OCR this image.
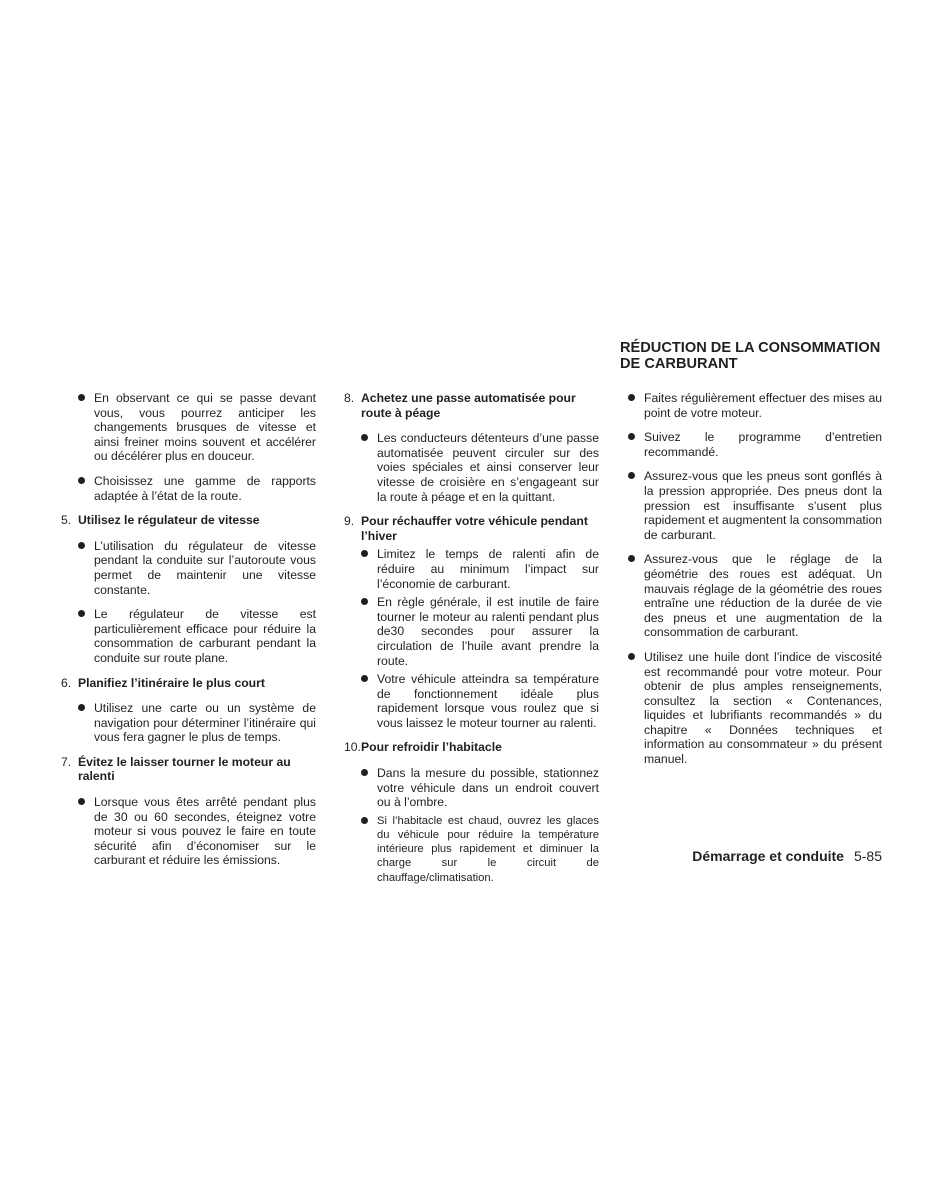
En observant ce qui se passe devant vous, vous pourrez anticiper les changements brusques de vitesse et ainsi freiner moins souvent et accélérer ou décélérer plus en douceur.

Choisissez une gamme de rapports adaptée à l’état de la route.

5. Utilisez le régulateur de vitesse

L’utilisation du régulateur de vitesse pendant la conduite sur l’autoroute vous permet de maintenir une vitesse constante.

Le régulateur de vitesse est particulièrement efficace pour réduire la consommation de carburant pendant la conduite sur route plane.

6. Planifiez l’itinéraire le plus court

Utilisez une carte ou un système de navigation pour déterminer l’itinéraire qui vous fera gagner le plus de temps.

7. Évitez le laisser tourner le moteur au ralenti

Lorsque vous êtes arrêté pendant plus de 30 ou 60 secondes, éteignez votre moteur si vous pouvez le faire en toute sécurité afin d’économiser sur le carburant et réduire les émissions.

8. Achetez une passe automatisée pour route à péage

Les conducteurs détenteurs d’une passe automatisée peuvent circuler sur des voies spéciales et ainsi conserver leur vitesse de croisière en s’engageant sur la route à péage et en la quittant.

9. Pour réchauffer votre véhicule pendant l’hiver

Limitez le temps de ralenti afin de réduire au minimum l’impact sur l’économie de carburant.

En règle générale, il est inutile de faire tourner le moteur au ralenti pendant plus de30 secondes pour assurer la circulation de l’huile avant prendre la route.

Votre véhicule atteindra sa température de fonctionnement idéale plus rapidement lorsque vous roulez que si vous laissez le moteur tourner au ralenti.

10. Pour refroidir l’habitacle

Dans la mesure du possible, stationnez votre véhicule dans un endroit couvert ou à l’ombre.

Si l’habitacle est chaud, ouvrez les glaces du véhicule pour réduire la température intérieure plus rapidement et diminuer la charge sur le circuit de chauffage/climatisation.

RÉDUCTION DE LA CONSOMMATION DE CARBURANT

Faites régulièrement effectuer des mises au point de votre moteur.

Suivez le programme d’entretien recommandé.

Assurez-vous que les pneus sont gonflés à la pression appropriée. Des pneus dont la pression est insuffisante s’usent plus rapidement et augmentent la consommation de carburant.

Assurez-vous que le réglage de la géométrie des roues est adéquat. Un mauvais réglage de la géométrie des roues entraîne une réduction de la durée de vie des pneus et une augmentation de la consommation de carburant.

Utilisez une huile dont l’indice de viscosité est recommandé pour votre moteur. Pour obtenir de plus amples renseignements, consultez la section « Contenances, liquides et lubrifiants recommandés » du chapitre « Données techniques et information au consommateur » du présent manuel.

Démarrage et conduite 5-85
